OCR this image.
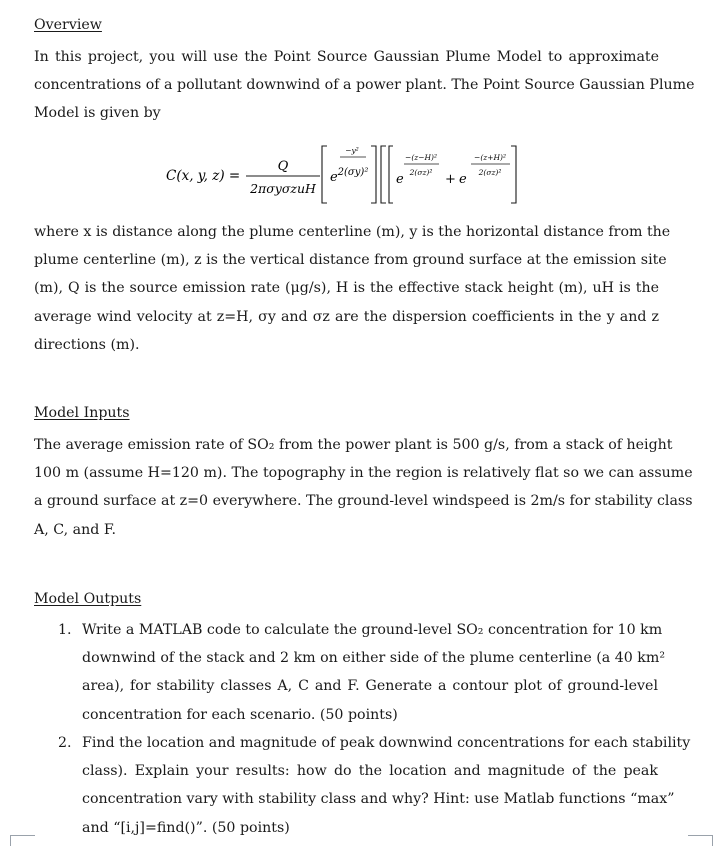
Overview
In this project, you will use the Point Source Gaussian Plume Model to approximate
concentrations of a pollutant downwind of a power plant. The Point Source Gaussian Plume
Model is given by
C(x, y, z) =
Q
2πσyσzuH
e
−y²
2(σy)² e
−(z−H)²
2(σz)² + e
−(z+H)²
2(σz)²
where x is distance along the plume centerline (m), y is the horizontal distance from the
plume centerline (m), z is the vertical distance from ground surface at the emission site
(m), Q is the source emission rate (μg/s), H is the effective stack height (m), uH is the
average wind velocity at z=H, σy and σz are the dispersion coefficients in the y and z
directions (m).
Model Inputs
The average emission rate of SO₂ from the power plant is 500 g/s, from a stack of height
100 m (assume H=120 m). The topography in the region is relatively flat so we can assume
a ground surface at z=0 everywhere. The ground-level windspeed is 2m/s for stability class
A, C, and F.
Model Outputs
1. Write a MATLAB code to calculate the ground-level SO₂ concentration for 10 km
downwind of the stack and 2 km on either side of the plume centerline (a 40 km²
area), for stability classes A, C and F. Generate a contour plot of ground-level
concentration for each scenario. (50 points)
2. Find the location and magnitude of peak downwind concentrations for each stability
class). Explain your results: how do the location and magnitude of the peak
concentration vary with stability class and why? Hint: use Matlab functions “max”
and “[i,j]=find()”. (50 points)
